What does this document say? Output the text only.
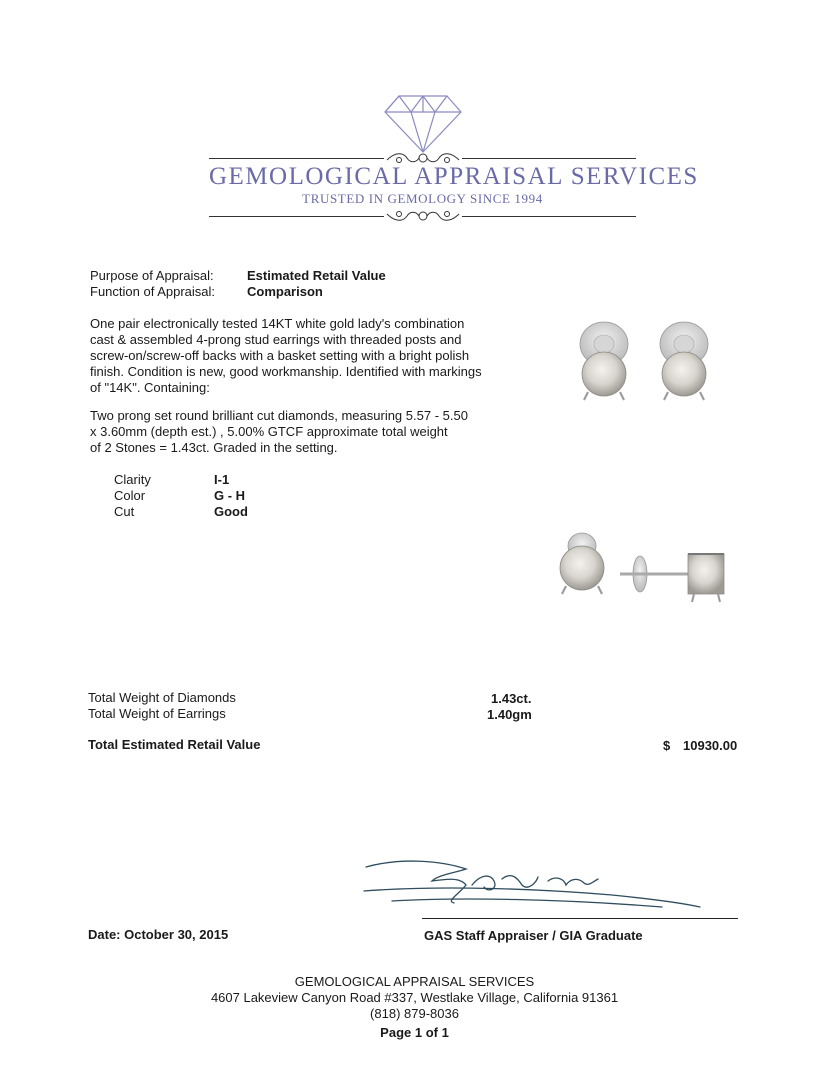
GEMOLOGICAL APPRAISAL SERVICES
TRUSTED IN GEMOLOGY SINCE 1994
Purpose of Appraisal:	Estimated Retail Value
Function of Appraisal: Comparison
One pair electronically tested 14KT white gold lady's combination
cast & assembled 4-prong stud earrings with threaded posts and
screw-on/screw-off backs with a basket setting with a bright polish
finish. Condition is new, good workmanship. Identified with markings
of "14K". Containing:
Two prong set round brilliant cut diamonds, measuring 5.57 - 5.50
x 3.60mm (depth est.) , 5.00% GTCF approximate total weight
of 2 Stones = 1.43ct. Graded in the setting.
Clarity	I-1
Color	G - H
Cut	Good
Total Weight of Diamonds	1.43ct.
Total Weight of Earrings	1.40gm
Total Estimated Retail Value	$ 10930.00
Date: October 30, 2015	GAS Staff Appraiser / GIA Graduate
GEMOLOGICAL APPRAISAL SERVICES
4607 Lakeview Canyon Road #337, Westlake Village, California 91361
(818) 879-8036
Page 1 of 1
